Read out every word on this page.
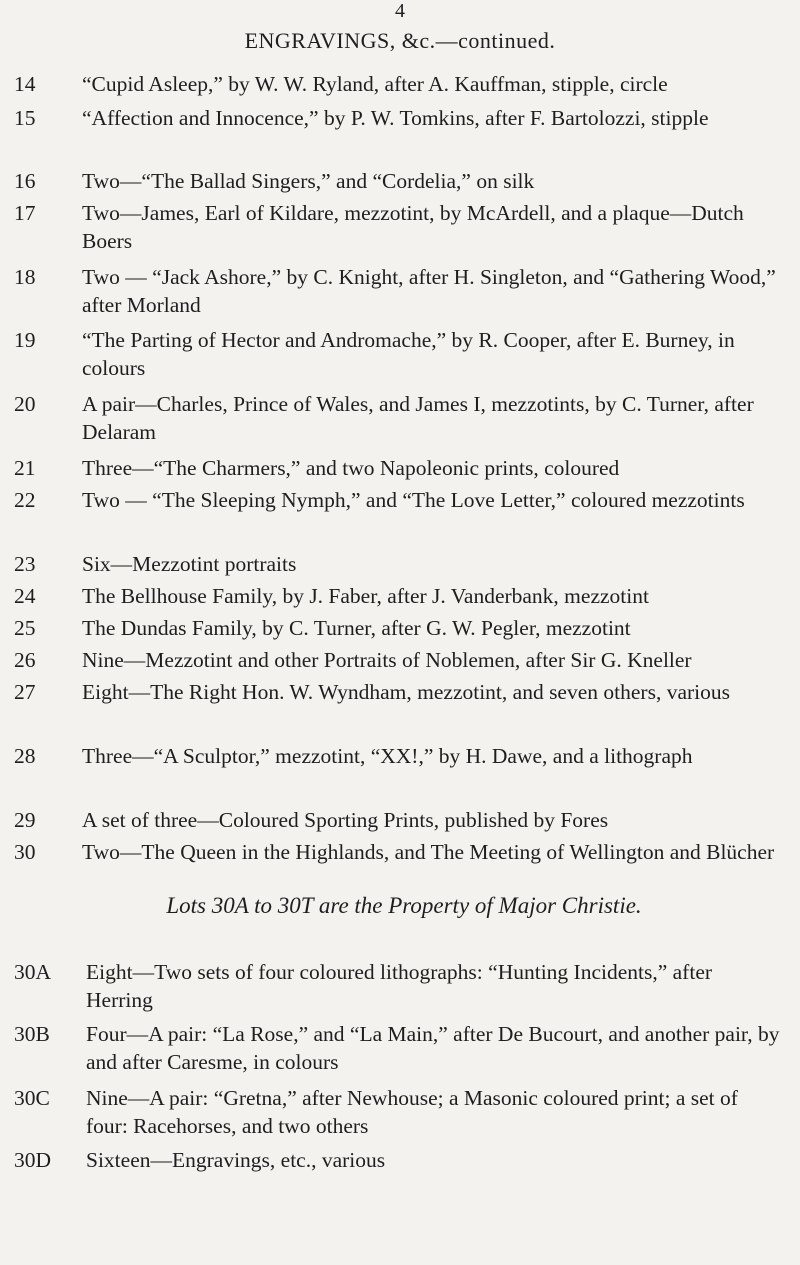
4
ENGRAVINGS, &c.—continued.
14	“Cupid Asleep,” by W. W. Ryland, after A. Kauffman, stipple, circle
15	“Affection and Innocence,” by P. W. Tomkins, after F. Bartolozzi, stipple
16	Two—“The Ballad Singers,” and “Cordelia,” on silk
17	Two—James, Earl of Kildare, mezzotint, by McArdell, and a plaque—Dutch Boers
18	Two — “Jack Ashore,” by C. Knight, after H. Singleton, and “Gathering Wood,” after Morland
19	“The Parting of Hector and Andromache,” by R. Cooper, after E. Burney, in colours
20	A pair—Charles, Prince of Wales, and James I, mezzotints, by C. Turner, after Delaram
21	Three—“The Charmers,” and two Napoleonic prints, coloured
22	Two — “The Sleeping Nymph,” and “The Love Letter,” coloured mezzotints
23	Six—Mezzotint portraits
24	The Bellhouse Family, by J. Faber, after J. Vanderbank, mezzotint
25	The Dundas Family, by C. Turner, after G. W. Pegler, mezzotint
26	Nine—Mezzotint and other Portraits of Noblemen, after Sir G. Kneller
27	Eight—The Right Hon. W. Wyndham, mezzotint, and seven others, various
28	Three—“A Sculptor,” mezzotint, “XX!,” by H. Dawe, and a lithograph
29	A set of three—Coloured Sporting Prints, published by Fores
30	Two—The Queen in the Highlands, and The Meeting of Wellington and Blücher
Lots 30A to 30T are the Property of Major Christie.
30A	Eight—Two sets of four coloured lithographs: “Hunting Incidents,” after Herring
30B	Four—A pair: “La Rose,” and “La Main,” after De Bucourt, and another pair, by and after Caresme, in colours
30C	Nine—A pair: “Gretna,” after Newhouse; a Masonic coloured print; a set of four: Racehorses, and two others
30D	Sixteen—Engravings, etc., various
